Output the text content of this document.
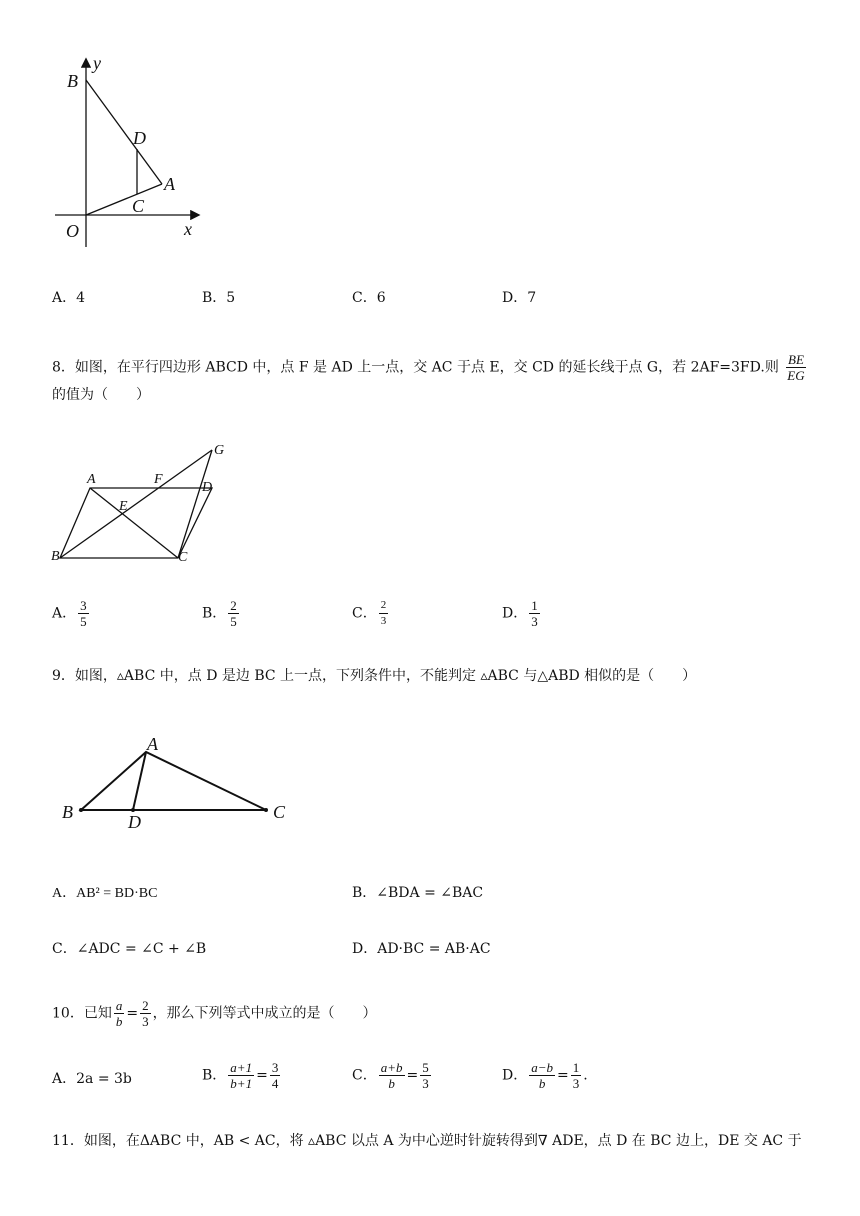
y
B
D
A
C
O	x
A．4	B．5	C．6	D．7
8．如图，在平行四边形 ABCD 中，点 F 是 AD 上一点，交 AC 于点 E，交 CD 的延长线于点 G，若 2AF=3FD.则 $\frac{BE}{EG}$
的值为（　　）
A	F
D
G
E
B	C
A． $\frac{3}{5}$	B． $\frac{2}{5}$	C． $\frac{2}{3}$	D． $\frac{1}{3}$
9．如图，▵ABC 中，点 D 是边 BC 上一点，下列条件中，不能判定 ▵ABC 与△ABD 相似的是（　　）
A
B	D	C
A．AB² = BD·BC	B．∠BDA = ∠BAC
C．∠ADC = ∠C + ∠B	D．AD·BC = AB·AC
10．已知 $\frac{a}{b} = \frac{2}{3}$ ，那么下列等式中成立的是（　　）
A．2a = 3b	B． $\frac{a+1}{b+1} = \frac{3}{4}$	C． $\frac{a+b}{b} = \frac{5}{3}$	D． $\frac{a-b}{b} = \frac{1}{3}$ .
11．如图，在ΔABC 中，AB < AC，将 ▵ABC 以点 A 为中心逆时针旋转得到∇ ADE，点 D 在 BC 边上，DE 交 AC 于
